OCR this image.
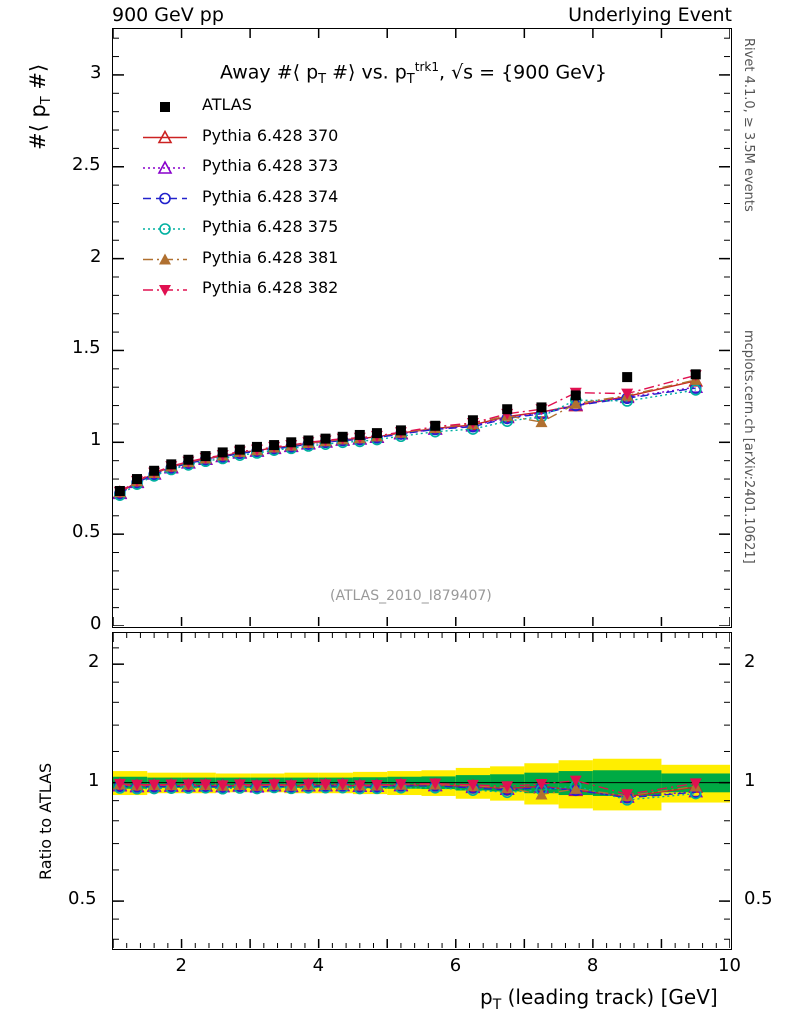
900 GeV pp	Underlying Event
Rivet 4.1.0, ≥ 3.5M events
mcplots.cern.ch [arXiv:2401.10621]
#⟨ $p_T$ #⟩
Ratio to ATLAS
$p_T$ (leading track) [GeV]
Away #⟨ $p_T$ #⟩ vs. $p_T^{trk1}$, √s = {900 GeV}
(ATLAS_2010_I879407)
0
0.5
1
1.5
2
2.5
3
ATLAS
Pythia 6.428 370
Pythia 6.428 373
Pythia 6.428 374
Pythia 6.428 375
Pythia 6.428 381
Pythia 6.428 382
0.5	0.5
1	1
2	2
2	4	6	8	10
